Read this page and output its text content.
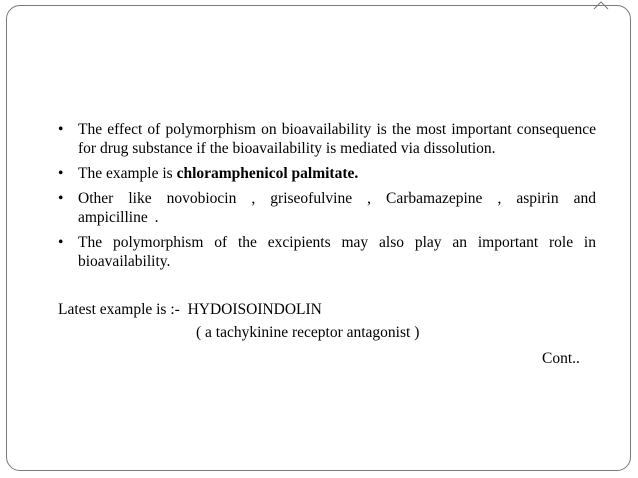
• The effect of polymorphism on bioavailability is the most important consequence for drug substance if the bioavailability is mediated via dissolution.
• The example is chloramphenicol palmitate.
• Other like novobiocin , griseofulvine , Carbamazepine , aspirin and ampicilline .
• The polymorphism of the excipients may also play an important role in bioavailability.
Latest example is :- HYDOISOINDOLIN
( a tachykinine receptor antagonist )
Cont..
